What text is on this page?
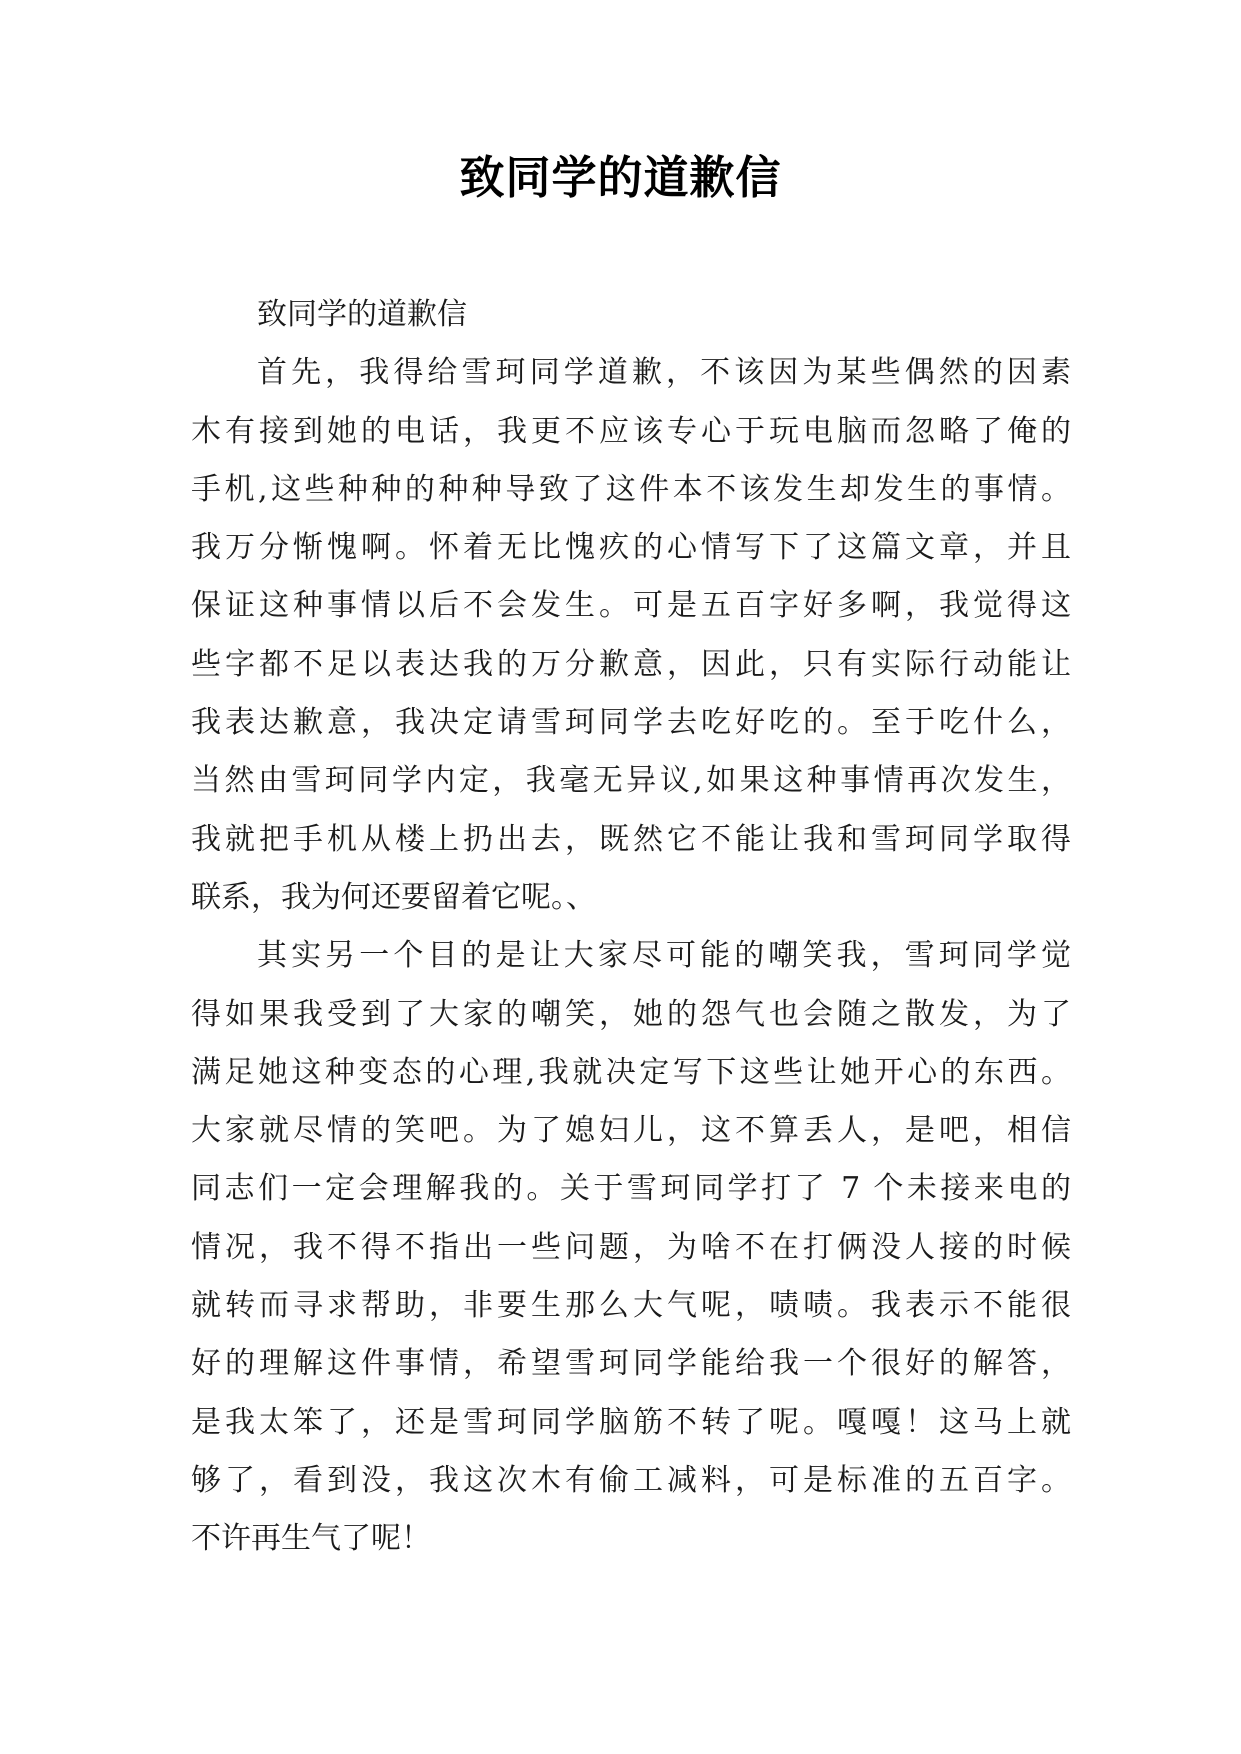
致同学的道歉信
致同学的道歉信
首先，我得给雪珂同学道歉，不该因为某些偶然的因素
木有接到她的电话，我更不应该专心于玩电脑而忽略了俺的
手机,这些种种的种种导致了这件本不该发生却发生的事情。
我万分惭愧啊。怀着无比愧疚的心情写下了这篇文章，并且
保证这种事情以后不会发生。可是五百字好多啊，我觉得这
些字都不足以表达我的万分歉意，因此，只有实际行动能让
我表达歉意，我决定请雪珂同学去吃好吃的。至于吃什么，
当然由雪珂同学内定，我毫无异议,如果这种事情再次发生，
我就把手机从楼上扔出去，既然它不能让我和雪珂同学取得
联系，我为何还要留着它呢。、
其实另一个目的是让大家尽可能的嘲笑我，雪珂同学觉
得如果我受到了大家的嘲笑，她的怨气也会随之散发，为了
满足她这种变态的心理,我就决定写下这些让她开心的东西。
大家就尽情的笑吧。为了媳妇儿，这不算丢人，是吧，相信
同志们一定会理解我的。关于雪珂同学打了 7 个未接来电的
情况，我不得不指出一些问题，为啥不在打俩没人接的时候
就转而寻求帮助，非要生那么大气呢，啧啧。我表示不能很
好的理解这件事情，希望雪珂同学能给我一个很好的解答，
是我太笨了，还是雪珂同学脑筋不转了呢。嘎嘎！这马上就
够了，看到没，我这次木有偷工减料，可是标准的五百字。
不许再生气了呢！
